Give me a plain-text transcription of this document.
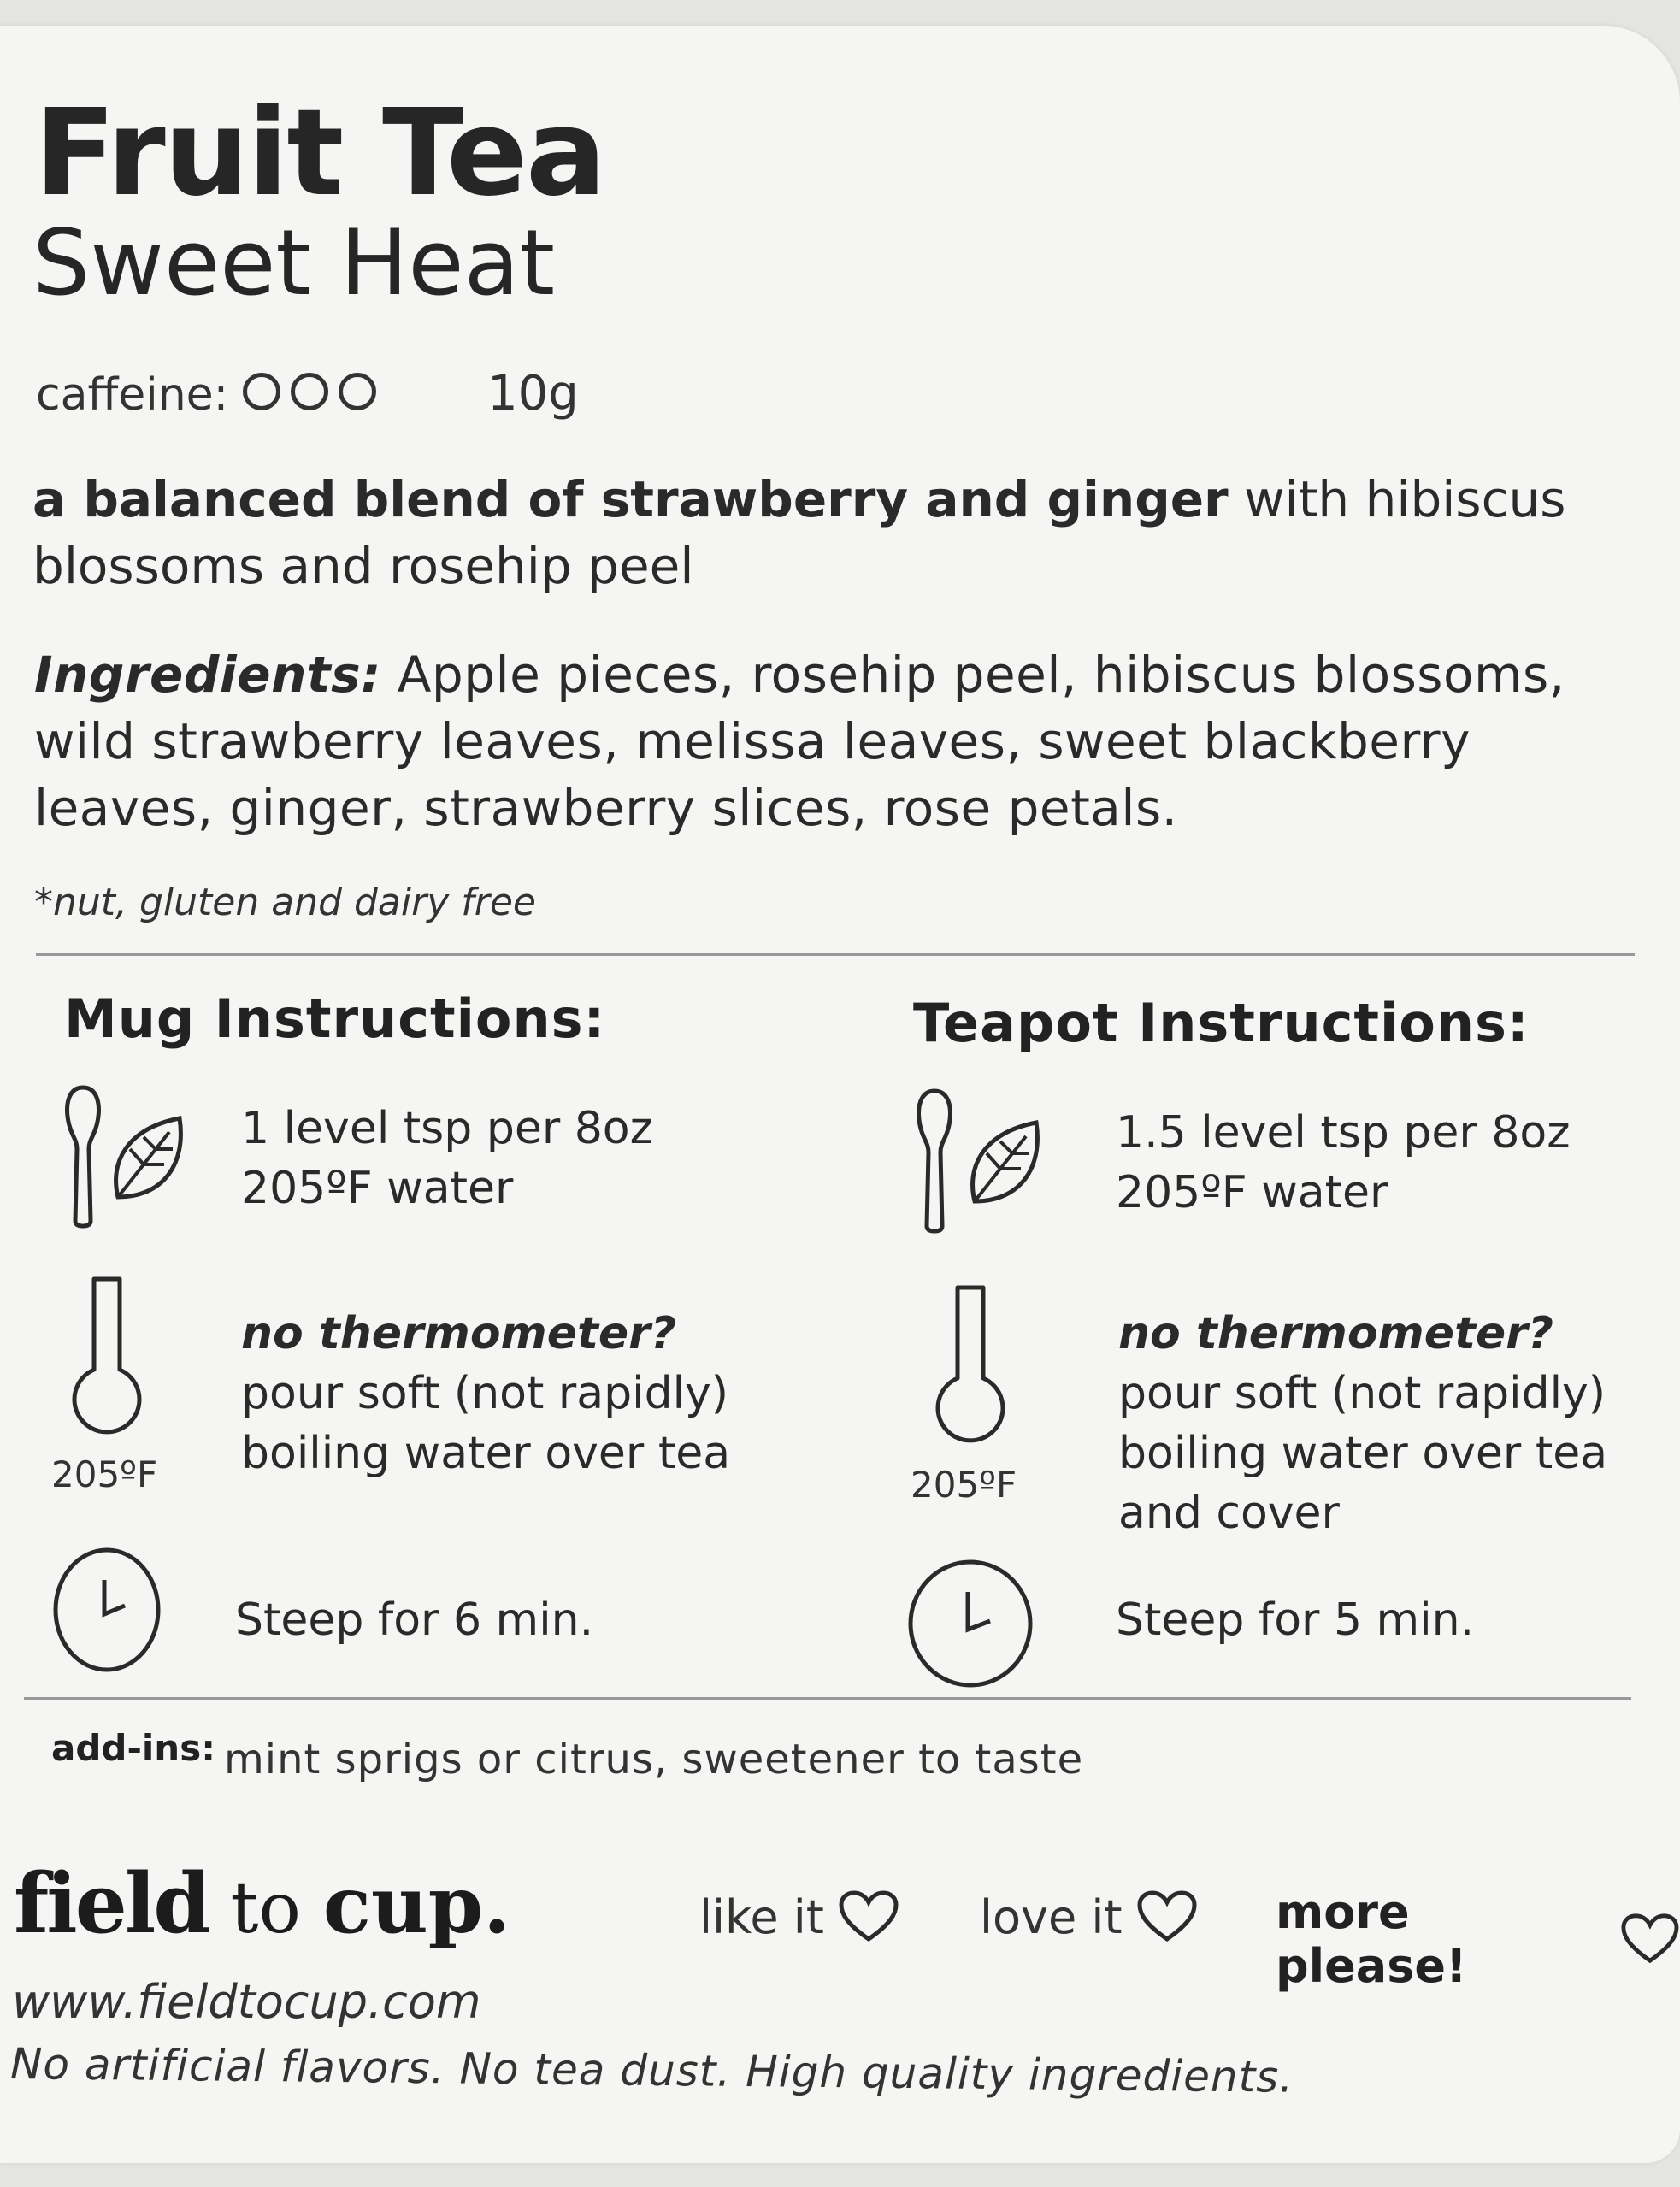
Fruit Tea
Sweet Heat
caffeine:	10g
a balanced blend of strawberry and ginger with hibiscus blossoms and rosehip peel
Ingredients: Apple pieces, rosehip peel, hibiscus blossoms, wild strawberry leaves, melissa leaves, sweet blackberry leaves, ginger, strawberry slices, rose petals.
*nut, gluten and dairy free
Mug Instructions:
1 level tsp per 8oz
205ºF water
205ºF
no thermometer?
pour soft (not rapidly)
boiling water over tea
Steep for 6 min.
Teapot Instructions:
1.5 level tsp per 8oz
205ºF water
205ºF
no thermometer?
pour soft (not rapidly)
boiling water over tea
and cover
Steep for 5 min.
add-ins: mint sprigs or citrus, sweetener to taste
field to cup.
www.fieldtocup.com
No artificial flavors. No tea dust. High quality ingredients.
like it	love it	more please!
